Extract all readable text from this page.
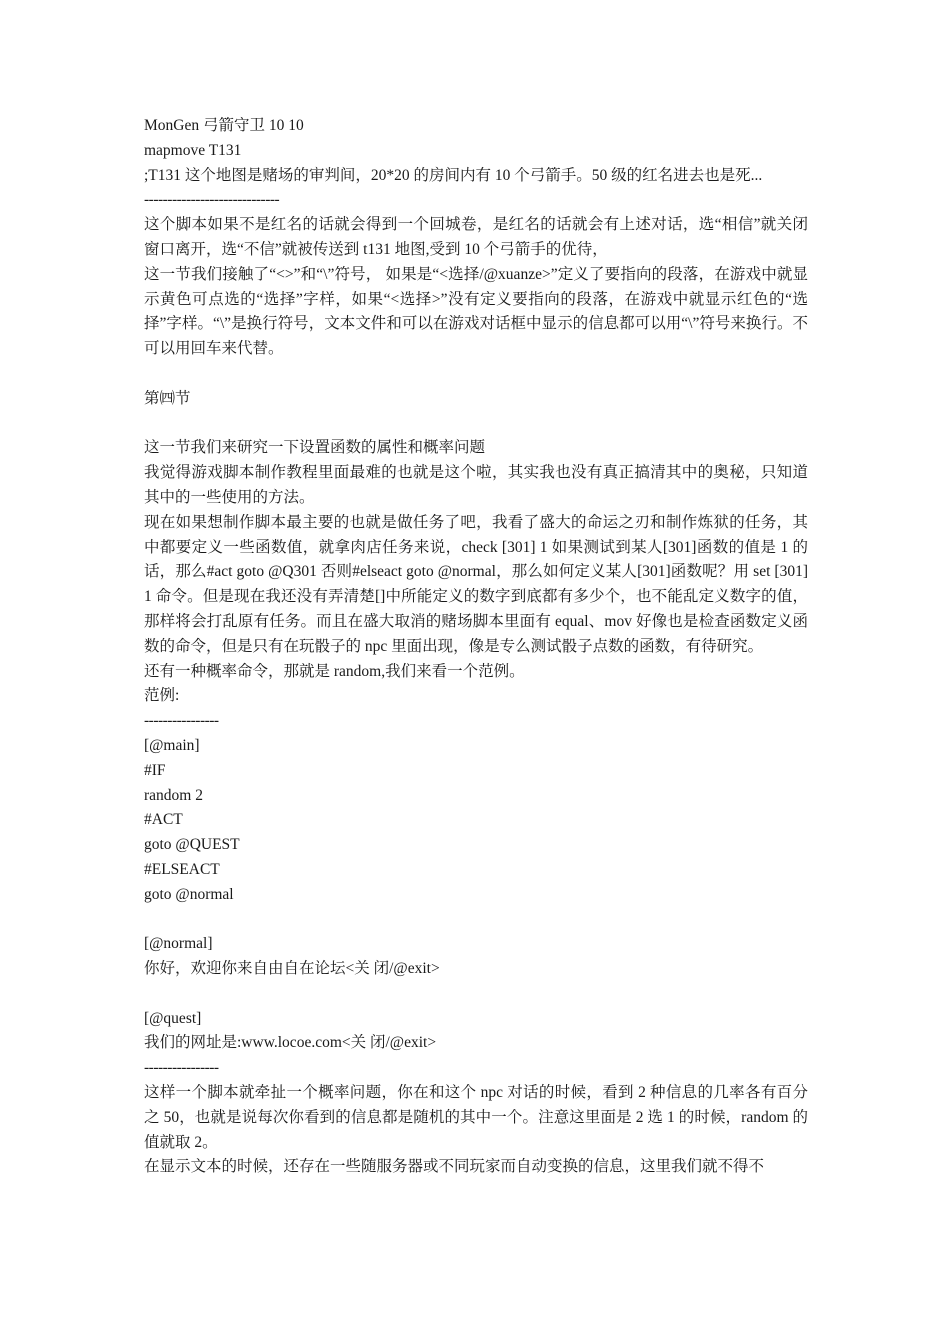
MonGen 弓箭守卫 10 10
mapmove T131
;T131 这个地图是赌场的审判间，20*20 的房间内有 10 个弓箭手。50 级的红名进去也是死...
-----------------------------
这个脚本如果不是红名的话就会得到一个回城卷，是红名的话就会有上述对话，选“相信”就关闭窗口离开，选“不信”就被传送到 t131 地图,受到 10 个弓箭手的优待，
这一节我们接触了“<>”和“\”符号， 如果是“<选择/@xuanze>”定义了要指向的段落，在游戏中就显示黄色可点选的“选择”字样，如果“<选择>”没有定义要指向的段落，在游戏中就显示红色的“选择”字样。“\”是换行符号，文本文件和可以在游戏对话框中显示的信息都可以用“\”符号来换行。不可以用回车来代替。
第㈣节
这一节我们来研究一下设置函数的属性和概率问题
我觉得游戏脚本制作教程里面最难的也就是这个啦，其实我也没有真正搞清其中的奥秘，只知道其中的一些使用的方法。
现在如果想制作脚本最主要的也就是做任务了吧，我看了盛大的命运之刃和制作炼狱的任务，其中都要定义一些函数值，就拿肉店任务来说，check [301] 1 如果测试到某人[301]函数的值是 1 的话，那么#act goto @Q301 否则#elseact goto @normal，那么如何定义某人[301]函数呢？用 set [301] 1 命令。但是现在我还没有弄清楚[]中所能定义的数字到底都有多少个，也不能乱定义数字的值，那样将会打乱原有任务。而且在盛大取消的赌场脚本里面有 equal、mov 好像也是检查函数定义函数的命令，但是只有在玩骰子的 npc 里面出现，像是专么测试骰子点数的函数，有待研究。
还有一种概率命令，那就是 random,我们来看一个范例。
范例:
----------------
[@main]
#IF
random 2
#ACT
goto @QUEST
#ELSEACT
goto @normal
[@normal]
你好，欢迎你来自由自在论坛<关 闭/@exit>
[@quest]
我们的网址是:www.locoe.com<关 闭/@exit>
----------------
这样一个脚本就牵扯一个概率问题，你在和这个 npc 对话的时候，看到 2 种信息的几率各有百分之 50，也就是说每次你看到的信息都是随机的其中一个。注意这里面是 2 选 1 的时候，random 的值就取 2。
在显示文本的时候，还存在一些随服务器或不同玩家而自动变换的信息，这里我们就不得不
